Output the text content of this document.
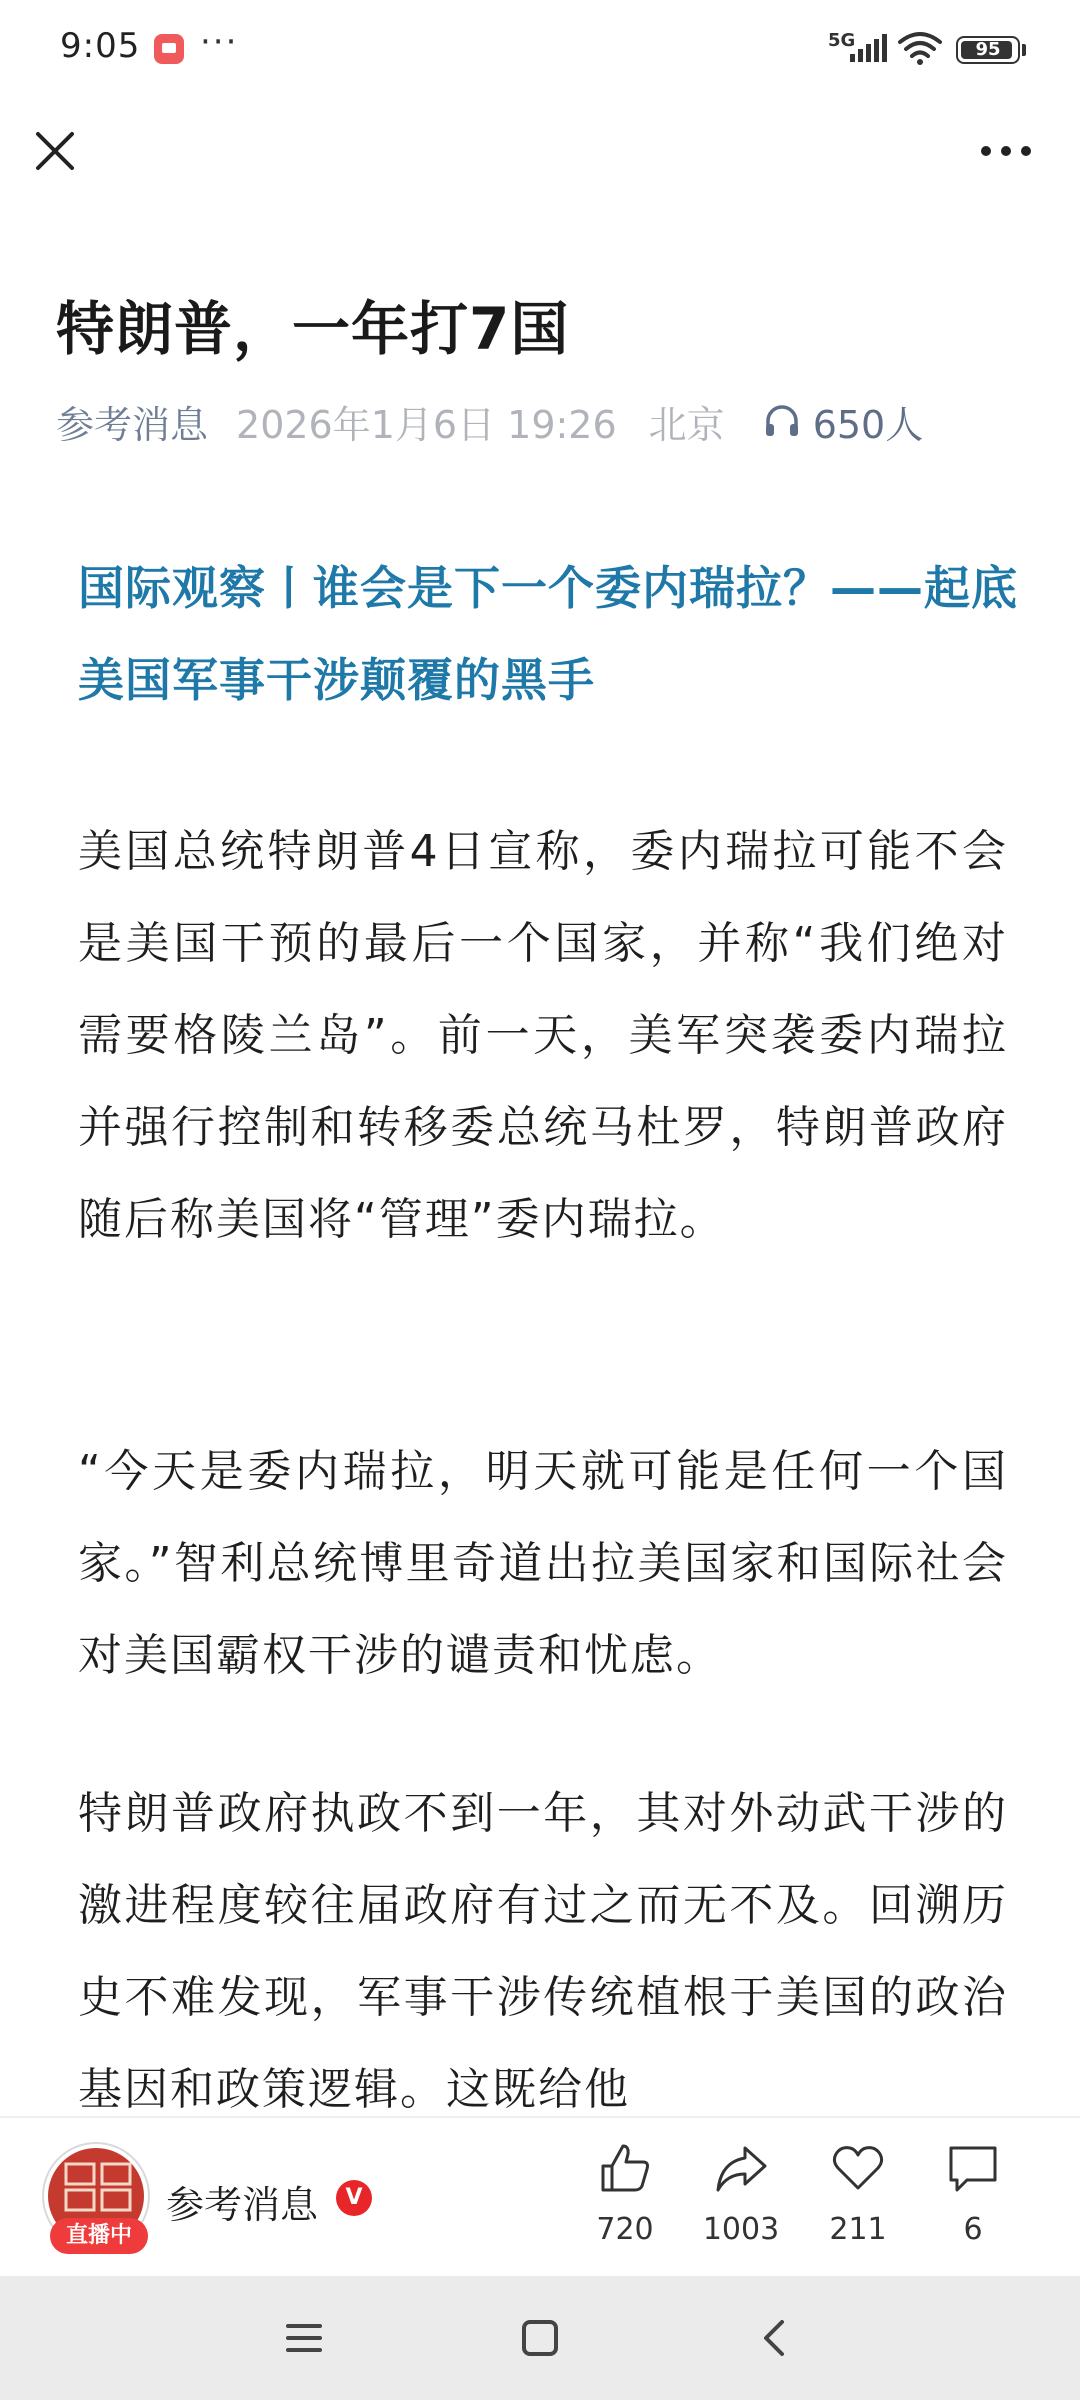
9:05 ···	5G	95
特朗普，一年打7国
参考消息 2026年1月6日 19:26 北京 650人
国际观察丨谁会是下一个委内瑞拉？——起底美国军事干涉颠覆的黑手

美国总统特朗普4日宣称，委内瑞拉可能不会是美国干预的最后一个国家，并称“我们绝对需要格陵兰岛”。前一天，美军突袭委内瑞拉并强行控制和转移委总统马杜罗，特朗普政府随后称美国将“管理”委内瑞拉。

“今天是委内瑞拉，明天就可能是任何一个国家。”智利总统博里奇道出拉美国家和国际社会对美国霸权干涉的谴责和忧虑。

特朗普政府执政不到一年，其对外动武干涉的激进程度较往届政府有过之而无不及。回溯历史不难发现，军事干涉传统植根于美国的政治基因和政策逻辑。这既给他

直播中
参考消息	V
720	1003	211	6
